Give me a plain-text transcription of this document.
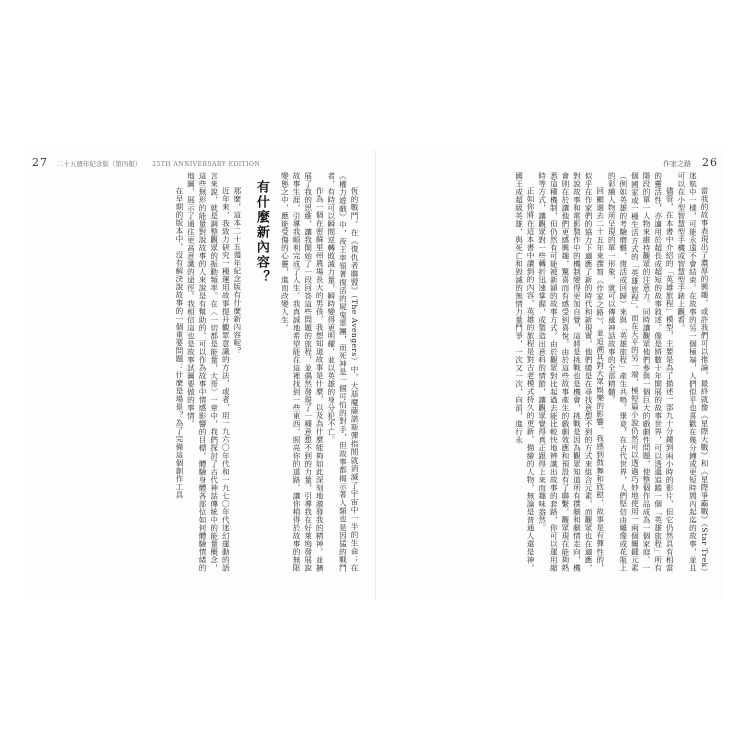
27 二十五週年紀念版（第四版） 25TH ANNIVERSARY EDITION

恆的戰鬥。在《復仇者聯盟》（The Avengers）中，大惡魔薩諾斯彈指間就消滅了宇宙中一半的生命；在《權力遊戲》中，夜王率領著復活的屍鬼軍團，而死神是一個可怕的對手，但故事都揭示著人類也是因猛的戰鬥者，有時可以瞬間逆轉敗滅力量，瞬時變得更明耀，並以英雄的身分犯不亡。

作為一個在密蘇里州農場長大的男孩，我想知道故事是什麼，以及為什麼能夠如此深刻地激發我的精神。並擴展了我的思維，讓我開始了一段回答這些問題的旅程，並偶然發現了一種意想不到的力量，引導我在好萊塢發展說故事生涯，引導我順利完成了人生。我真誠地希望能在這裡找到一些東西，照亮你的道路，讓你稍得於故事的無限變態之中，應能受傷的心靈，進而改變人生。

有什麼新內容？

那麼，這本二十五週年紀念版有什麼新內容呢？

近年來，我致力研究一種運用故事提升觀眾意識的方法，或者，用一九六〇年代和一九七〇年代迷幻運動的語言來說，就是調整觀眾的振動頻率。在〈一切都是能量，大哥〉一章中，我們探討了古代神話傳統中的能量概念，這些無形的能量對說故事的人來說是有幫助的，可以作為故事中情感影響的目標，體驗身體各部位如何體驗情緒的地圖，展示了通往更高意識的途徑。我相信這也是故事試圖要做的事情。

在早期的版本中，沒有解決說故事的一個重要問題：什麼是場景？為了完備這個創作工具

作家之路 26

當我的故事表現出了濃厚的興趣，或許我們可以推論，最終就像《星際大戰》和《星際爭霸戰》（Star Trek）迷航中一樣，可能永遠不會結束。在故事的另一個極端，人們似乎也喜歡在幾分鐘或更短時間內起迄的故事，並且可以在小型智慧型手機或智慧型手錶上觀看。

儘管，在本書中介紹的「英雄旅程」模型，主要是為了描述一部九十分鐘到兩小時的影片，但它仍然具有相當的靈活性，亦適用於超長或超短的故事敘述。像是將數十年開展的故事世界，可以透過追蹤一個「英雄旅程」所有階段的單一人物來維持觀眾的注意力。同時讓觀眾他們參與一個巨大的戲劇性問題，使整個作品成為一個家庭、一個國家或一種生活方式的「英雄旅程」。而在天平的另一端，極短篇小說仍然可以透過巧妙地使用一兩個關鍵元素（例如英雄的考驗磨難，復活或回歸）來與「英雄旅程」產生共鳴。畢竟，在古代世界，人們堅信由雕像或花瓶上的彩繪人物所呈現的單一形象，就可以傳遞神話故事的全部精髓。

回顧過去二十五年來撰寫《作家之路》，並追溯其對大眾娛樂的影響。我感到鼓舞和欣慰，故事是有彈性的，似乎在作家們的協力下適應了新的時代和新現實，他們總是在尋找意想不到的方式來組合元素，而觀眾也在適應，對說故事和電影製作中的機制變得更加自覺，這將是挑戰也是機會，挑戰是因為觀眾知道所有撰劇和劇情走向，機會則在於讓他們更感興趣，驚喜而有感受到喜悅。由於這些故事產生的戲劇效應和預設有了聯繫，觀眾現在能夠熟悉這種機制，但仍然有可能被新穎的故事方式。由於觀眾對比起過去能比較快地辨識出故事的套路，你可以運用縮時等方式，讓觀眾對一些轉折迅速掌握，或製造出意料的情節，讓觀眾覺得真正跟得上來而趣味盎然。

正如你將在這本書中讀到的內容，英雄的旅程是對古老模式持久的更新，描繪的人物，無論是普通人還是神，國王或超級英雄，與死亡和毀滅的無情力量鬥爭，一次又一次，向前，進行永
